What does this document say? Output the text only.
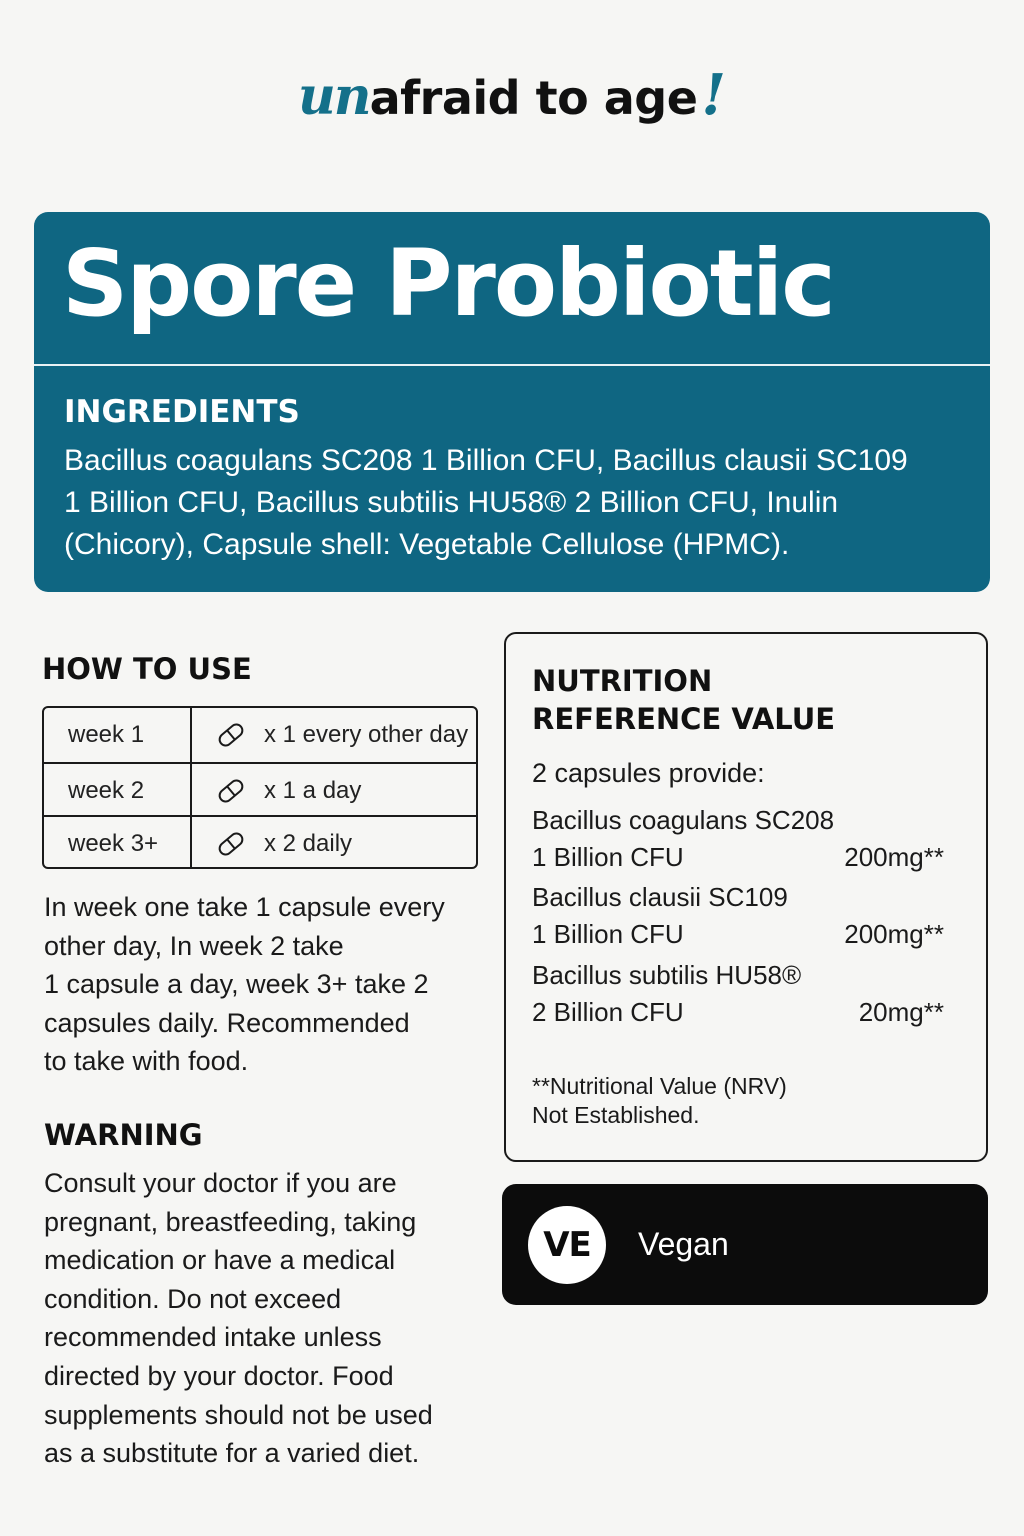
unafraid to age!
Spore Probiotic
INGREDIENTS
Bacillus coagulans SC208 1 Billion CFU, Bacillus clausii SC109
1 Billion CFU, Bacillus subtilis HU58® 2 Billion CFU, Inulin
(Chicory), Capsule shell: Vegetable Cellulose (HPMC).
HOW TO USE
week 1	x 1 every other day
week 2	x 1 a day
week 3+	x 2 daily
In week one take 1 capsule every
other day, In week 2 take
1 capsule a day, week 3+ take 2
capsules daily. Recommended
to take with food.
WARNING
Consult your doctor if you are
pregnant, breastfeeding, taking
medication or have a medical
condition. Do not exceed
recommended intake unless
directed by your doctor. Food
supplements should not be used
as a substitute for a varied diet.
NUTRITION
REFERENCE VALUE
2 capsules provide:
Bacillus coagulans SC208
1 Billion CFU	200mg**
Bacillus clausii SC109
1 Billion CFU	200mg**
Bacillus subtilis HU58®
2 Billion CFU	20mg**
**Nutritional Value (NRV)
Not Established.
VE	Vegan
